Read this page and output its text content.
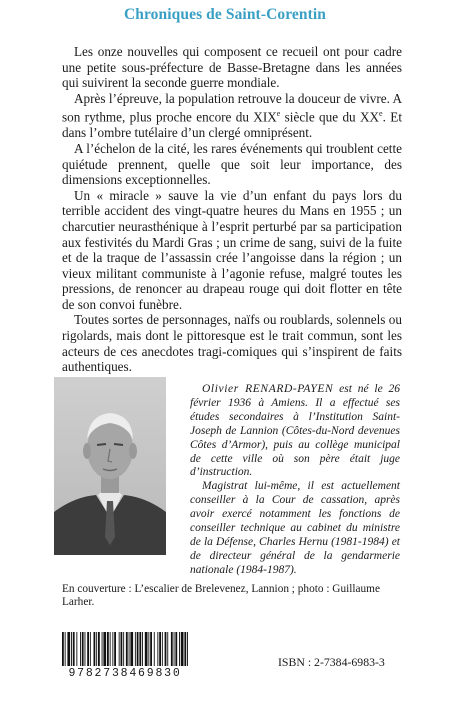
Chroniques de Saint-Corentin

Les onze nouvelles qui composent ce recueil ont pour cadre une petite sous-préfecture de Basse-Bretagne dans les années qui suivirent la seconde guerre mondiale.

Après l’épreuve, la population retrouve la douceur de vivre. A son rythme, plus proche encore du XIXe siècle que du XXe. Et dans l’ombre tutélaire d’un clergé omniprésent.

A l’échelon de la cité, les rares événements qui troublent cette quiétude prennent, quelle que soit leur importance, des dimensions exceptionnelles.

Un « miracle » sauve la vie d’un enfant du pays lors du terrible accident des vingt-quatre heures du Mans en 1955 ; un charcutier neurasthénique à l’esprit perturbé par sa participation aux festivités du Mardi Gras ; un crime de sang, suivi de la fuite et de la traque de l’assassin crée l’angoisse dans la région ; un vieux militant communiste à l’agonie refuse, malgré toutes les pressions, de renoncer au drapeau rouge qui doit flotter en tête de son convoi funèbre.

Toutes sortes de personnages, naïfs ou roublards, solennels ou rigolards, mais dont le pittoresque est le trait commun, sont les acteurs de ces anecdotes tragi-comiques qui s’inspirent de faits authentiques.

Olivier RENARD-PAYEN est né le 26 février 1936 à Amiens. Il a effectué ses études secondaires à l’Institution Saint-Joseph de Lannion (Côtes-du-Nord devenues Côtes d’Armor), puis au collège municipal de cette ville où son père était juge d’instruction.

Magistrat lui-même, il est actuellement conseiller à la Cour de cassation, après avoir exercé notamment les fonctions de conseiller technique au cabinet du ministre de la Défense, Charles Hernu (1981-1984) et de directeur général de la gendarmerie nationale (1984-1987).

En couverture : L’escalier de Brelevenez, Lannion ; photo : Guillaume Larher.
9782738469830
ISBN : 2-7384-6983-3
